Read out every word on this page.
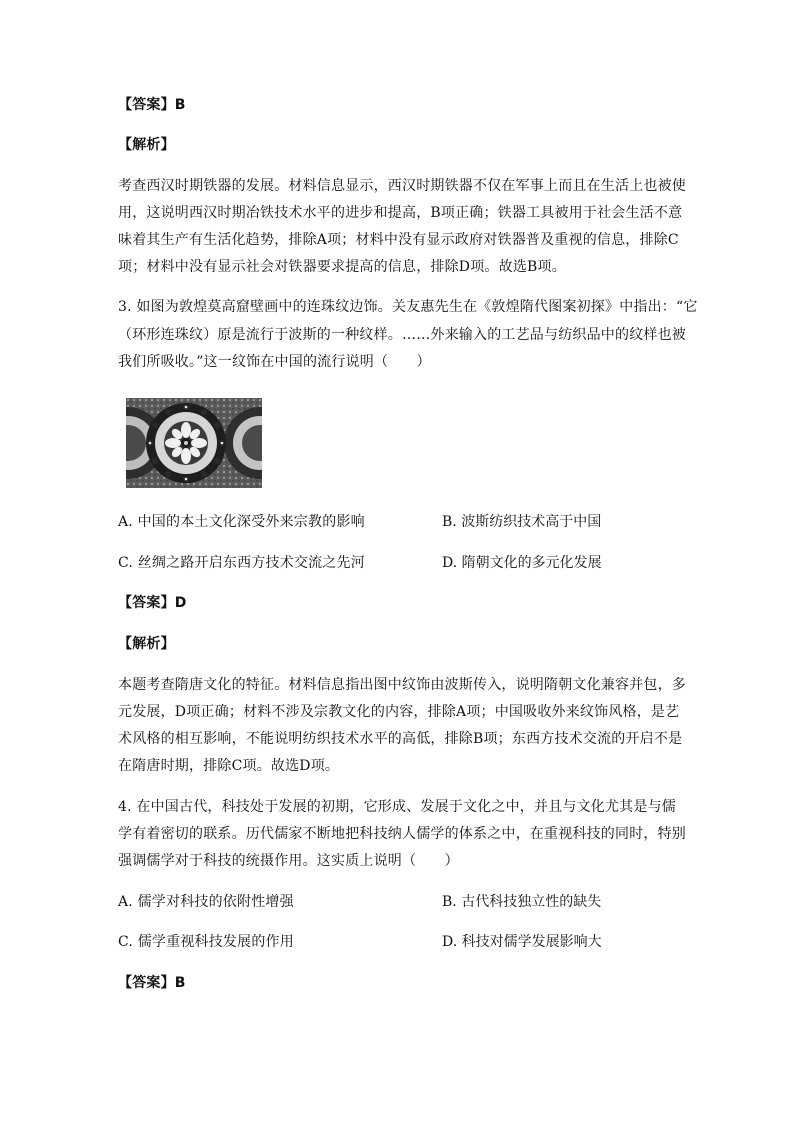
【答案】B
【解析】
考查西汉时期铁器的发展。材料信息显示，西汉时期铁器不仅在军事上而且在生活上也被使
用，这说明西汉时期冶铁技术水平的进步和提高，B项正确；铁器工具被用于社会生活不意
味着其生产有生活化趋势，排除A项；材料中没有显示政府对铁器普及重视的信息，排除C
项；材料中没有显示社会对铁器要求提高的信息，排除D项。故选B项。
3. 如图为敦煌莫高窟壁画中的连珠纹边饰。关友惠先生在《敦煌隋代图案初探》中指出：“它
（环形连珠纹）原是流行于波斯的一种纹样。……外来输入的工艺品与纺织品中的纹样也被
我们所吸收。”这一纹饰在中国的流行说明（　　）
A. 中国的本土文化深受外来宗教的影响	B. 波斯纺织技术高于中国
C. 丝绸之路开启东西方技术交流之先河	D. 隋朝文化的多元化发展
【答案】D
【解析】
本题考查隋唐文化的特征。材料信息指出图中纹饰由波斯传入，说明隋朝文化兼容并包，多
元发展，D项正确；材料不涉及宗教文化的内容，排除A项；中国吸收外来纹饰风格，是艺
术风格的相互影响，不能说明纺织技术水平的高低，排除B项；东西方技术交流的开启不是
在隋唐时期，排除C项。故选D项。
4. 在中国古代，科技处于发展的初期，它形成、发展于文化之中，并且与文化尤其是与儒
学有着密切的联系。历代儒家不断地把科技纳人儒学的体系之中，在重视科技的同时，特别
强调儒学对于科技的统摄作用。这实质上说明（　　）
A. 儒学对科技的依附性增强	B. 古代科技独立性的缺失
C. 儒学重视科技发展的作用	D. 科技对儒学发展影响大
【答案】B
